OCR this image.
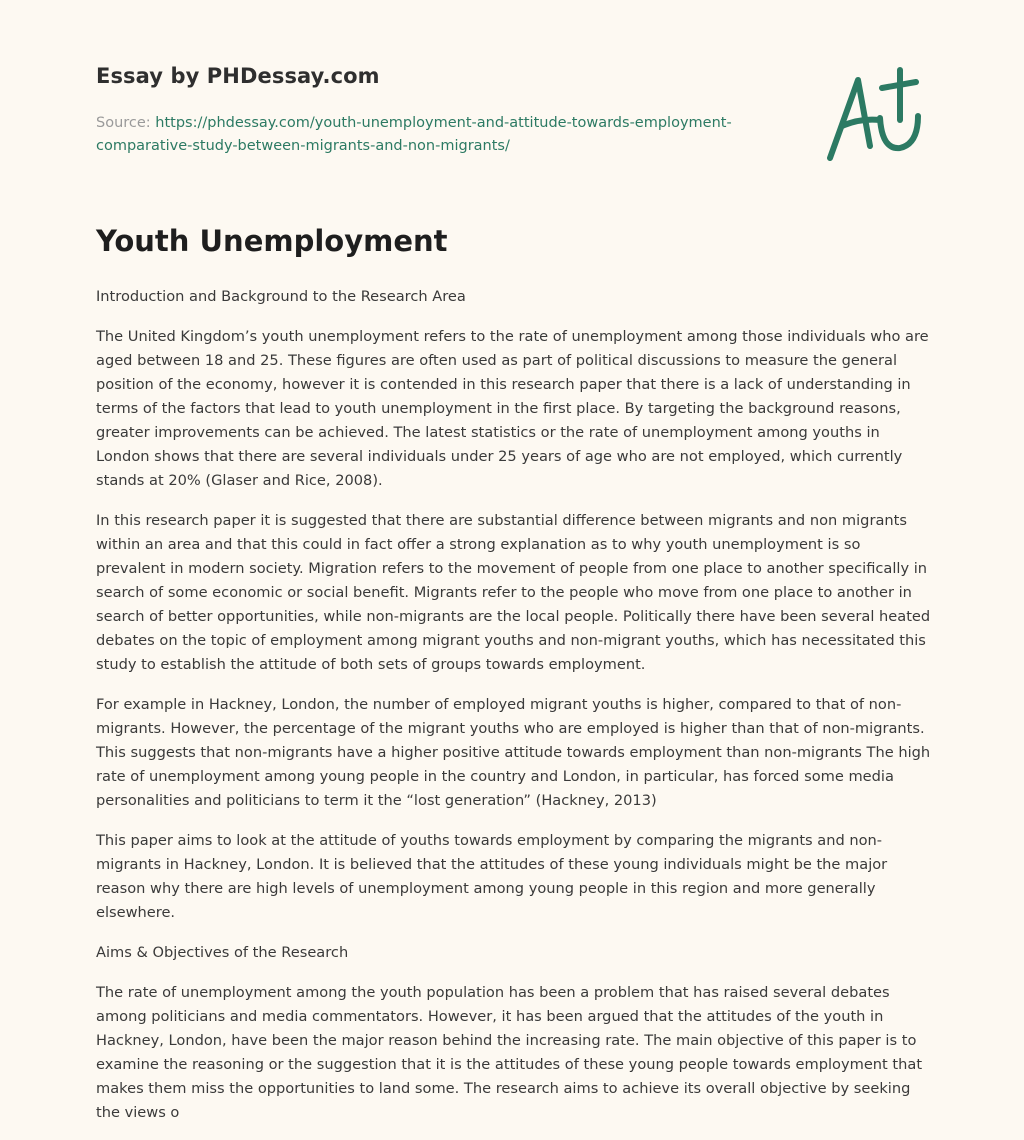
Essay by PHDessay.com
Source: https://phdessay.com/youth-unemployment-and-attitude-towards-employment-comparative-study-between-migrants-and-non-migrants/
Youth Unemployment

Introduction and Background to the Research Area

The United Kingdom’s youth unemployment refers to the rate of unemployment among those individuals who are aged between 18 and 25. These figures are often used as part of political discussions to measure the general position of the economy, however it is contended in this research paper that there is a lack of understanding in terms of the factors that lead to youth unemployment in the first place. By targeting the background reasons, greater improvements can be achieved. The latest statistics or the rate of unemployment among youths in London shows that there are several individuals under 25 years of age who are not employed, which currently stands at 20% (Glaser and Rice, 2008).

In this research paper it is suggested that there are substantial difference between migrants and non migrants within an area and that this could in fact offer a strong explanation as to why youth unemployment is so prevalent in modern society. Migration refers to the movement of people from one place to another specifically in search of some economic or social benefit. Migrants refer to the people who move from one place to another in search of better opportunities, while non-migrants are the local people. Politically there have been several heated debates on the topic of employment among migrant youths and non-migrant youths, which has necessitated this study to establish the attitude of both sets of groups towards employment.

For example in Hackney, London, the number of employed migrant youths is higher, compared to that of non-migrants. However, the percentage of the migrant youths who are employed is higher than that of non-migrants. This suggests that non-migrants have a higher positive attitude towards employment than non-migrants The high rate of unemployment among young people in the country and London, in particular, has forced some media personalities and politicians to term it the “lost generation” (Hackney, 2013)

This paper aims to look at the attitude of youths towards employment by comparing the migrants and non-migrants in Hackney, London. It is believed that the attitudes of these young individuals might be the major reason why there are high levels of unemployment among young people in this region and more generally elsewhere.

Aims & Objectives of the Research

The rate of unemployment among the youth population has been a problem that has raised several debates among politicians and media commentators. However, it has been argued that the attitudes of the youth in Hackney, London, have been the major reason behind the increasing rate. The main objective of this paper is to examine the reasoning or the suggestion that it is the attitudes of these young people towards employment that makes them miss the opportunities to land some. The research aims to achieve its overall objective by seeking the views o
